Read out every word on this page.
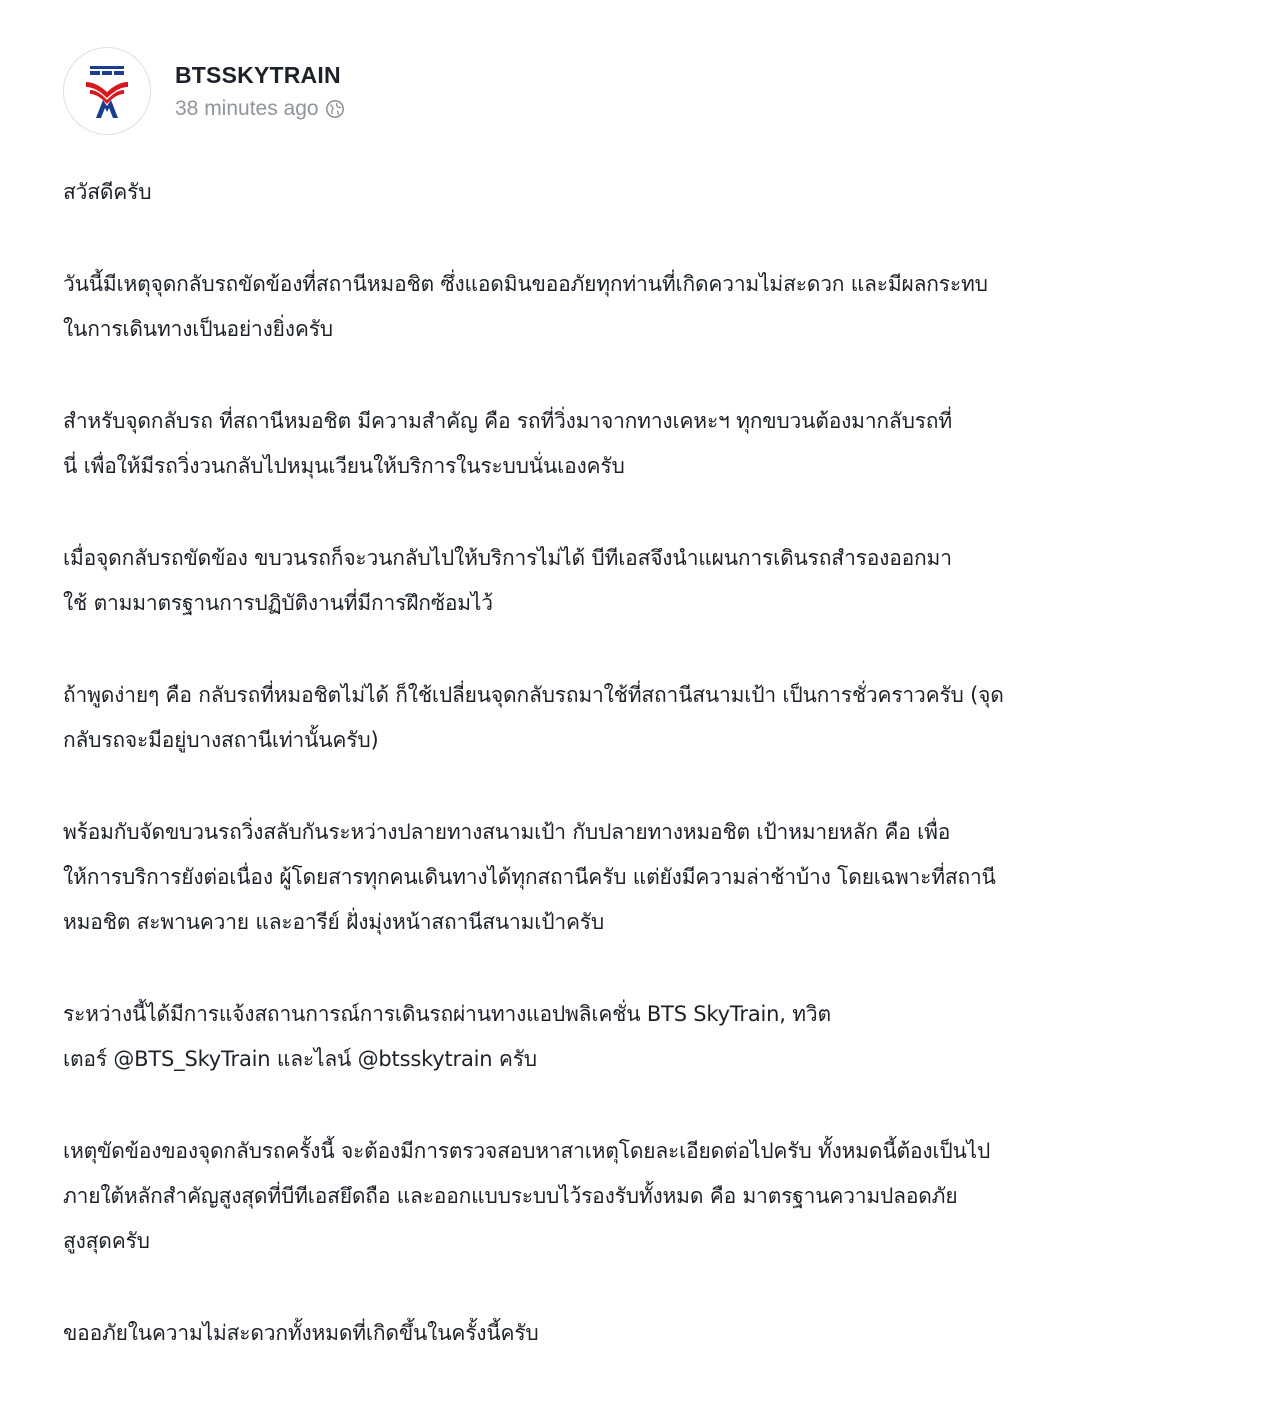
BTSSKYTRAIN
38 minutes ago

สวัสดีครับ

วันนี้มีเหตุจุดกลับรถขัดข้องที่สถานีหมอชิต ซึ่งแอดมินขออภัยทุกท่านที่เกิดความไม่สะดวก และมีผลกระทบ
ในการเดินทางเป็นอย่างยิ่งครับ

สำหรับจุดกลับรถ ที่สถานีหมอชิต มีความสำคัญ คือ รถที่วิ่งมาจากทางเคหะฯ ทุกขบวนต้องมากลับรถที่
นี่ เพื่อให้มีรถวิ่งวนกลับไปหมุนเวียนให้บริการในระบบนั่นเองครับ

เมื่อจุดกลับรถขัดข้อง ขบวนรถก็จะวนกลับไปให้บริการไม่ได้ บีทีเอสจึงนำแผนการเดินรถสำรองออกมา
ใช้ ตามมาตรฐานการปฏิบัติงานที่มีการฝึกซ้อมไว้

ถ้าพูดง่ายๆ คือ กลับรถที่หมอชิตไม่ได้ ก็ใช้เปลี่ยนจุดกลับรถมาใช้ที่สถานีสนามเป้า เป็นการชั่วคราวครับ (จุด
กลับรถจะมีอยู่บางสถานีเท่านั้นครับ)

พร้อมกับจัดขบวนรถวิ่งสลับกันระหว่างปลายทางสนามเป้า กับปลายทางหมอชิต เป้าหมายหลัก คือ เพื่อ
ให้การบริการยังต่อเนื่อง ผู้โดยสารทุกคนเดินทางได้ทุกสถานีครับ แต่ยังมีความล่าช้าบ้าง โดยเฉพาะที่สถานี
หมอชิต สะพานควาย และอารีย์ ฝั่งมุ่งหน้าสถานีสนามเป้าครับ

ระหว่างนี้ได้มีการแจ้งสถานการณ์การเดินรถผ่านทางแอปพลิเคชั่น BTS SkyTrain, ทวิต
เตอร์ @BTS_SkyTrain และไลน์ @btsskytrain ครับ

เหตุขัดข้องของจุดกลับรถครั้งนี้ จะต้องมีการตรวจสอบหาสาเหตุโดยละเอียดต่อไปครับ ทั้งหมดนี้ต้องเป็นไป
ภายใต้หลักสำคัญสูงสุดที่บีทีเอสยึดถือ และออกแบบระบบไว้รองรับทั้งหมด คือ มาตรฐานความปลอดภัย
สูงสุดครับ

ขออภัยในความไม่สะดวกทั้งหมดที่เกิดขึ้นในครั้งนี้ครับ
